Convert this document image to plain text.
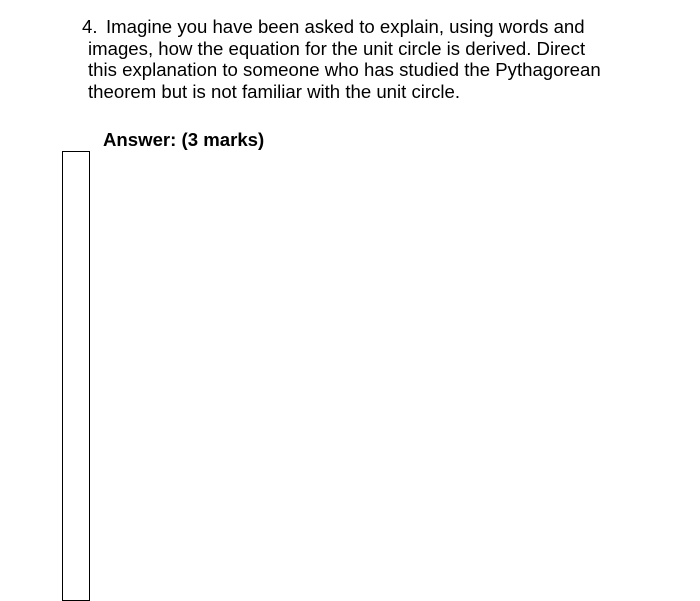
4. Imagine you have been asked to explain, using words and
images, how the equation for the unit circle is derived. Direct
this explanation to someone who has studied the Pythagorean
theorem but is not familiar with the unit circle.
Answer: (3 marks)
